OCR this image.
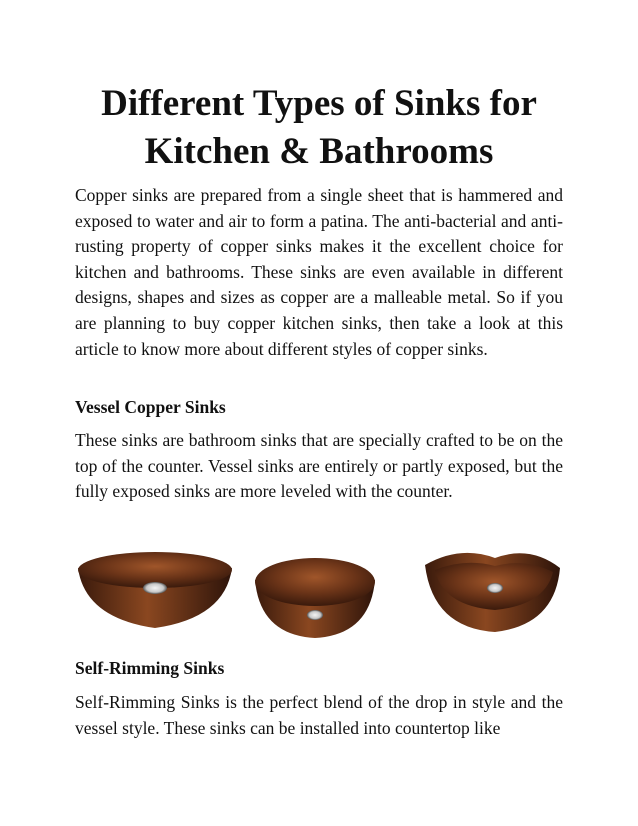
Different Types of Sinks for Kitchen & Bathrooms

Copper sinks are prepared from a single sheet that is hammered and exposed to water and air to form a patina. The anti-bacterial and anti-rusting property of copper sinks makes it the excellent choice for kitchen and bathrooms. These sinks are even available in different designs, shapes and sizes as copper are a malleable metal. So if you are planning to buy copper kitchen sinks, then take a look at this article to know more about different styles of copper sinks.

Vessel Copper Sinks

These sinks are bathroom sinks that are specially crafted to be on the top of the counter. Vessel sinks are entirely or partly exposed, but the fully exposed sinks are more leveled with the counter.

Self-Rimming Sinks

Self-Rimming Sinks is the perfect blend of the drop in style and the vessel style. These sinks can be installed into countertop like
